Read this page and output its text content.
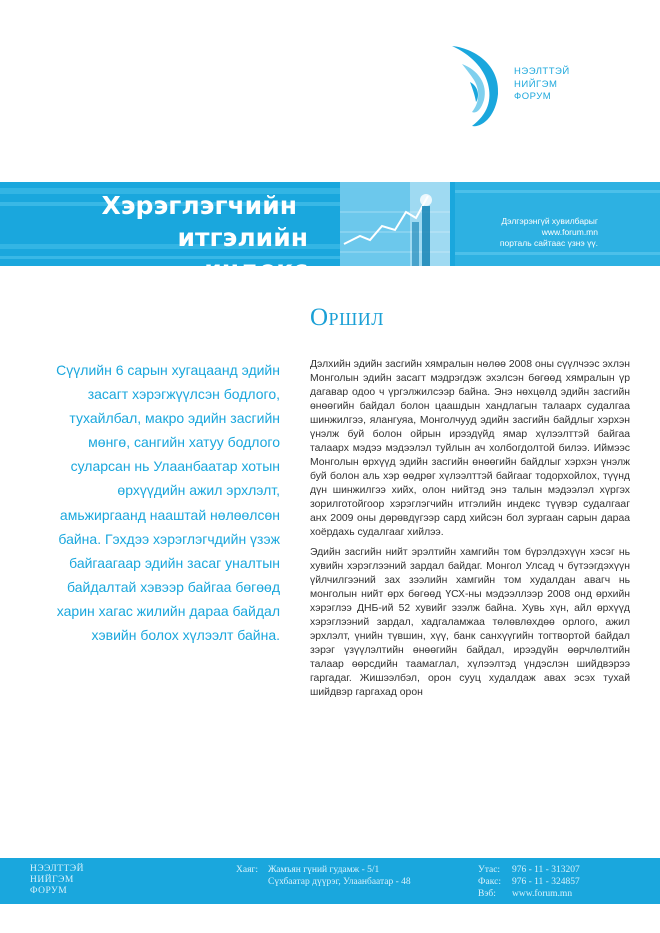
НЭЭЛТТЭЙ
НИЙГЭМ
ФОРУМ
Хэрэглэгчийн
итгэлийн индекс
Дэлгэрэнгүй хувилбарыг
www.forum.mn
порталь сайтаас үзнэ үү.
Оршил
Сүүлийн 6 сарын хугацаанд эдийн засагт хэрэгжүүлсэн бодлого, тухайлбал, макро эдийн засгийн мөнгө, сангийн хатуу бодлого суларсан нь Улаанбаатар хотын өрхүүдийн ажил эрхлэлт, амьжиргаанд нааштай нөлөөлсөн байна. Гэхдээ хэрэглэгчдийн үзэж байгаагаар эдийн засаг уналтын байдалтай хэвээр байгаа бөгөөд харин хагас жилийн дараа байдал хэвийн болох хүлээлт байна.

Дэлхийн эдийн засгийн хямралын нөлөө 2008 оны сүүлчээс эхлэн Монголын эдийн засагт мэдрэгдэж эхэлсэн бөгөөд хямралын үр дагавар одоо ч үргэлжилсээр байна. Энэ нөхцөлд эдийн засгийн өнөөгийн байдал болон цаашдын хандлагын талаарх судалгаа шинжилгээ, ялангуяа, Монголчууд эдийн засгийн байдлыг хэрхэн үнэлж буй болон ойрын ирээдүйд ямар хүлээлттэй байгаа талаарх мэдээ мэдээлэл туйлын ач холбогдолтой билээ. Иймээс Монголын өрхүүд эдийн засгийн өнөөгийн байдлыг хэрхэн үнэлж буй болон аль хэр өөдрөг хүлээлттэй байгааг тодорхойлох, түүнд дүн шинжилгээ хийх, олон нийтэд энэ талын мэдээлэл хүргэх зорилготойгоор хэрэглэгчийн итгэлийн индекс түүвэр судалгааг анх 2009 оны дөрөвдүгээр сард хийсэн бол зургаан сарын дараа хоёрдахь судалгааг хийлээ.

Эдийн засгийн нийт эрэлтийн хамгийн том бүрэлдэхүүн хэсэг нь хувийн хэрэглээний зардал байдаг. Монгол Улсад ч бүтээгдэхүүн үйлчилгээний зах зээлийн хамгийн том худалдан авагч нь монголын нийт өрх бөгөөд ҮСХ-ны мэдээллээр 2008 онд өрхийн хэрэглээ ДНБ-ий 52 хувийг эзэлж байна. Хувь хүн, айл өрхүүд хэрэглээний зардал, хадгаламжаа төлөвлөхдөө орлого, ажил эрхлэлт, үнийн түвшин, хүү, банк санхүүгийн тогтвортой байдал зэрэг үзүүлэлтийн өнөөгийн байдал, ирээдүйн өөрчлөлтийн талаар өөрсдийн таамаглал, хүлээлтэд үндэслэн шийдвэрээ гаргадаг. Жишээлбэл, орон сууц худалдаж авах эсэх тухай шийдвэр гаргахад орон

НЭЭЛТТЭЙ
НИЙГЭМ
ФОРУМ
Хаяг: Жамъян гүний гудамж - 5/1
Сүхбаатар дүүрэг, Улаанбаатар - 48
Утас: 976 - 11 - 313207
Факс: 976 - 11 - 324857
Вэб: www.forum.mn
